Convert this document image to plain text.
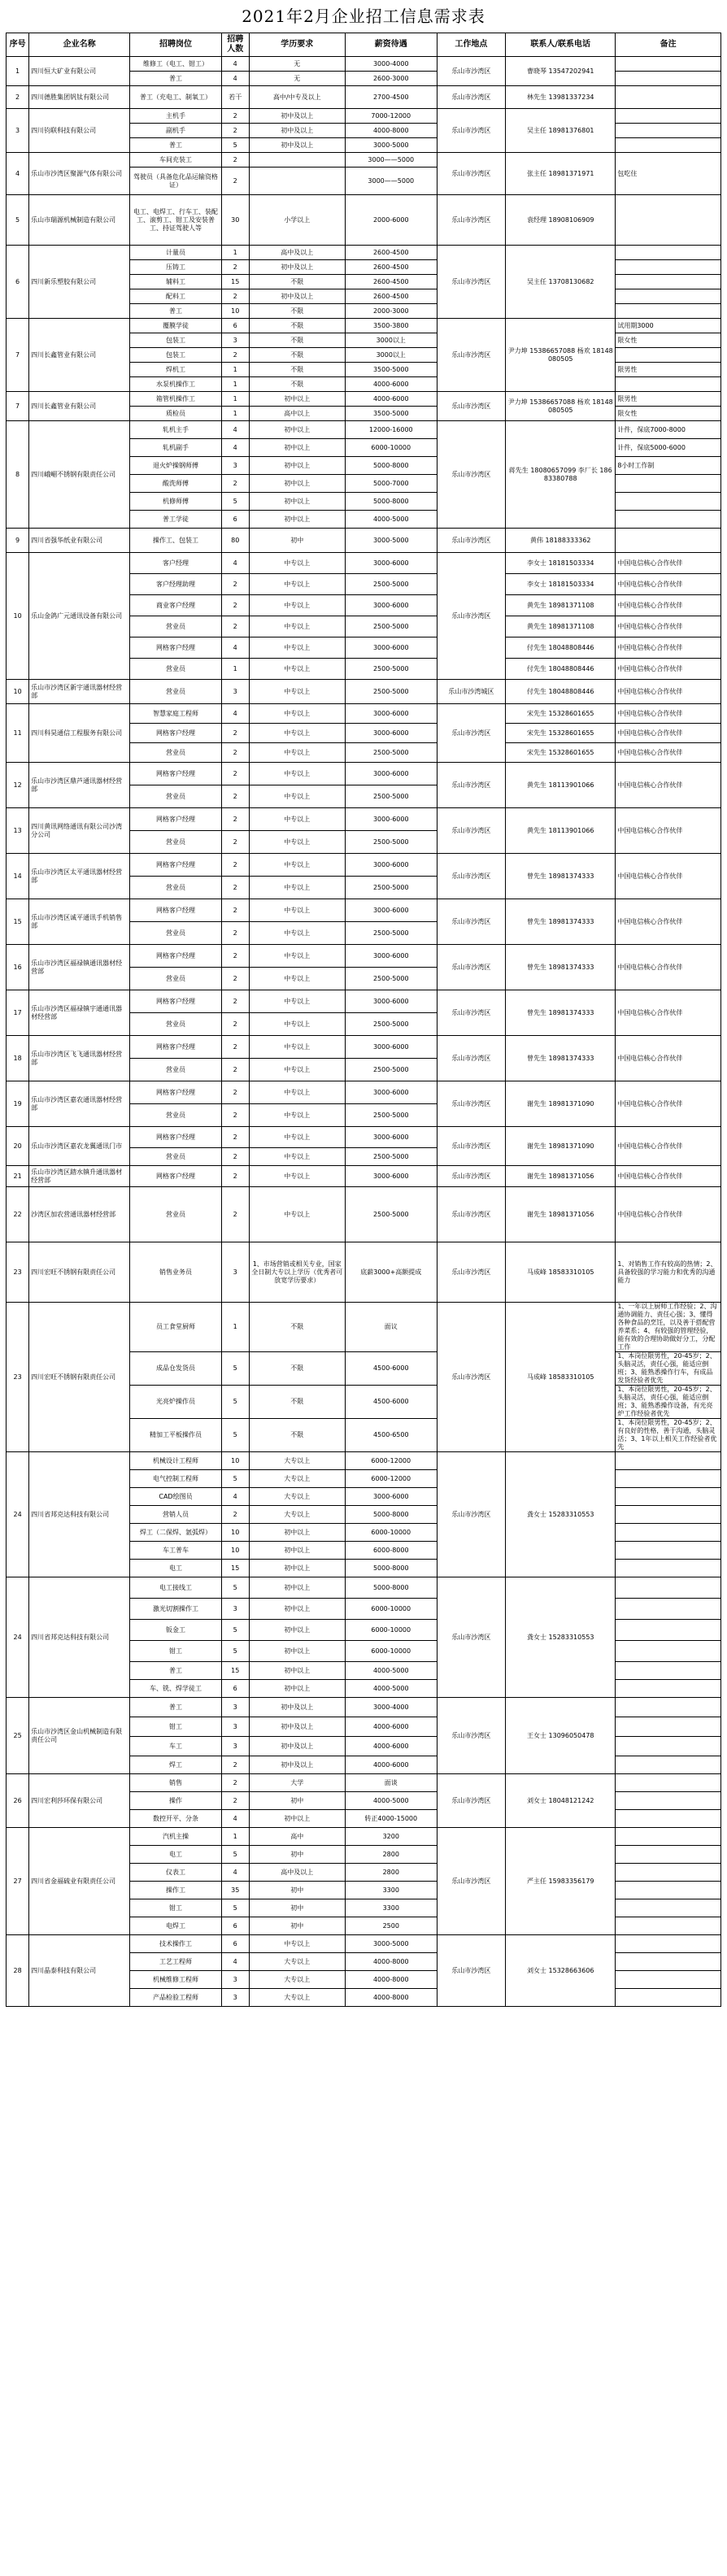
2021年2月企业招工信息需求表
序号	企业名称	招聘岗位	招聘人数	学历要求	薪资待遇	工作地点	联系人/联系电话	备注
1	四川恒大矿业有限公司	维修工（电工、钳工）	4	无	3000-4000	乐山市沙湾区	曹晓琴 13547202941	
		普工	4	无	2600-3000			
2	四川德胜集团钒钛有限公司	普工（充电工、制氧工）	若干	高中/中专及以上	2700-4500	乐山市沙湾区	林先生 13981337234	
3	四川钧联科技有限公司	主机手	2	初中及以上	7000-12000	乐山市沙湾区	吴主任 18981376801	
		副机手	2	初中及以上	4000-8000			
		普工	5	初中及以上	3000-5000			
4	乐山市沙湾区聚源气体有限公司	车间充装工	2		3000——5000	乐山市沙湾区	张主任 18981371971	包吃住
		驾驶员（具备危化品运输资格证）	2		3000——5000			
5	乐山市瑞源机械制造有限公司	电工、电焊工、行车工、装配工、滚剪工、钳工及安装普工、持证驾驶人等	30	小学以上	2000-6000	乐山市沙湾区	袁经理 18908106909	
6	四川新乐塑胶有限公司	计量员	1	高中及以上	2600-4500	乐山市沙湾区	吴主任 13708130682	
		压铸工	2	初中及以上	2600-4500			
		辅料工	15	不限	2600-4500			
		配料工	2	初中及以上	2600-4500			
		普工	10	不限	2000-3000			
7	四川长鑫管业有限公司	覆膜学徒	6	不限	3500-3800	乐山市沙湾区	尹力坤 15386657088 杨欢 18148080505	试用期3000
		包装工	3	不限	3000以上			限女性
		包装工	2	不限	3000以上			
		焊机工	1	不限	3500-5000			限男性
		水泵机操作工	1	不限	4000-6000			
7	四川长鑫管业有限公司	箱管机操作工	1	初中以上	4000-6000	乐山市沙湾区	尹力坤 15386657088 杨欢 18148080505	限男性
		质检员	1	高中以上	3500-5000			限女性
8	四川峨嵋不锈钢有限责任公司	轧机主手	4	初中以上	12000-16000	乐山市沙湾区	蒋先生 18080657099 李厂长 18683380788	计件，保底7000-8000
		轧机副手	4	初中以上	6000-10000			计件，保底5000-6000
		退火炉操钢师傅	3	初中以上	5000-8000			8小时工作制
		酸洗师傅	2	初中以上	5000-7000			
		机修师傅	5	初中以上	5000-8000			
		普工学徒	6	初中以上	4000-5000			
9	四川省强华纸业有限公司	操作工、包装工	80	初中	3000-5000	乐山市沙湾区	黄伟 18188333362	
10	乐山金鸽广元通讯设备有限公司	客户经理	4	中专以上	3000-6000	乐山市沙湾区	李女士 18181503334	中国电信核心合作伙伴
		客户经理助理	2	中专以上	2500-5000		李女士 18181503334	中国电信核心合作伙伴
		商业客户经理	2	中专以上	3000-6000		黄先生 18981371108	中国电信核心合作伙伴
		营业员	2	中专以上	2500-5000		黄先生 18981371108	中国电信核心合作伙伴
		网格客户经理	4	中专以上	3000-6000		付先生 18048808446	中国电信核心合作伙伴
		营业员	1	中专以上	2500-5000		付先生 18048808446	中国电信核心合作伙伴
10	乐山市沙湾区新宇通讯器材经营部	营业员	3	中专以上	2500-5000	乐山市沙湾城区	付先生 18048808446	中国电信核心合作伙伴
11	四川科昊通信工程服务有限公司	智慧家庭工程师	4	中专以上	3000-6000	乐山市沙湾区	宋先生 15328601655	中国电信核心合作伙伴
		网格客户经理	2	中专以上	3000-6000		宋先生 15328601655	中国电信核心合作伙伴
		营业员	2	中专以上	2500-5000		宋先生 15328601655	中国电信核心合作伙伴
12	乐山市沙湾区鼎芦通讯器材经营部	网格客户经理	2	中专以上	3000-6000	乐山市沙湾区	黄先生 18113901066	中国电信核心合作伙伴
		营业员	2	中专以上	2500-5000			
13	四川黄讯网络通讯有限公司沙湾分公司	网格客户经理	2	中专以上	3000-6000	乐山市沙湾区	黄先生 18113901066	中国电信核心合作伙伴
		营业员	2	中专以上	2500-5000			
14	乐山市沙湾区太平通讯器材经营部	网格客户经理	2	中专以上	3000-6000	乐山市沙湾区	曾先生 18981374333	中国电信核心合作伙伴
		营业员	2	中专以上	2500-5000			
15	乐山市沙湾区诚平通讯手机销售部	网格客户经理	2	中专以上	3000-6000	乐山市沙湾区	曾先生 18981374333	中国电信核心合作伙伴
		营业员	2	中专以上	2500-5000			
16	乐山市沙湾区福禄镇通讯器材经营部	网格客户经理	2	中专以上	3000-6000	乐山市沙湾区	曾先生 18981374333	中国电信核心合作伙伴
		营业员	2	中专以上	2500-5000			
17	乐山市沙湾区福禄镇宇通通讯器材经营部	网格客户经理	2	中专以上	3000-6000	乐山市沙湾区	曾先生 18981374333	中国电信核心合作伙伴
		营业员	2	中专以上	2500-5000			
18	乐山市沙湾区飞飞通讯器材经营部	网格客户经理	2	中专以上	3000-6000	乐山市沙湾区	曾先生 18981374333	中国电信核心合作伙伴
		营业员	2	中专以上	2500-5000			
19	乐山市沙湾区嘉农通讯器材经营部	网格客户经理	2	中专以上	3000-6000	乐山市沙湾区	谢先生 18981371090	中国电信核心合作伙伴
		营业员	2	中专以上	2500-5000			
20	乐山市沙湾区嘉农龙翼通讯门市	网格客户经理	2	中专以上	3000-6000	乐山市沙湾区	谢先生 18981371090	中国电信核心合作伙伴
		营业员	2	中专以上	2500-5000			
21	乐山市沙湾区踏水镇升通讯器材经营部	网格客户经理	2	中专以上	3000-6000	乐山市沙湾区	谢先生 18981371056	中国电信核心合作伙伴
22	沙湾区加农营通讯器材经营部	营业员	2	中专以上	2500-5000	乐山市沙湾区	谢先生 18981371056	中国电信核心合作伙伴
23	四川宏旺不锈钢有限责任公司	销售业务员	3	1、市场营销或相关专业，国家全日制大专以上学历（优秀者可放宽学历要求）	底薪3000+高额提成	乐山市沙湾区	马成峰 18583310105	1、对销售工作有较高的热情；2、具备较强的学习能力和优秀的沟通能力
23	四川宏旺不锈钢有限责任公司	员工食堂厨师	1	不限	面议	乐山市沙湾区	马成峰 18583310105	1、一年以上厨师工作经验；2、沟通协调能力、责任心强；3、懂得各种食品的烹饪，以及善于搭配营养菜系；4、有较强的管理经验，能有效的合理协助做好分工，分配工作
		成品仓发货员	5	不限	4500-6000			1、本岗位限男性，20-45岁；2、头脑灵活，责任心强，能适应倒班；3、能熟悉操作行车，有成品发货经验者优先
		光亮炉操作员	5	不限	4500-6000			1、本岗位限男性，20-45岁；2、头脑灵活，责任心强，能适应倒班；3、能熟悉操作设备，有光亮炉工作经验者优先
		精加工平板操作员	5	不限	4500-6500			1、本岗位限男性，20-45岁；2、有良好的性格，善于沟通，头脑灵活；3、1年以上相关工作经验者优先
24	四川省邦克达科技有限公司	机械设计工程师	10	大专以上	6000-12000	乐山市沙湾区	龚女士 15283310553	
		电气控制工程师	5	大专以上	6000-12000			
		CAD绘图员	4	大专以上	3000-6000			
		营销人员	2	大专以上	5000-8000			
		焊工（二保焊、氩弧焊）	10	初中以上	6000-10000			
		车工普车	10	初中以上	6000-8000			
		电工	15	初中以上	5000-8000			
24	四川省邦克达科技有限公司	电工接线工	5	初中以上	5000-8000	乐山市沙湾区	龚女士 15283310553	
		激光切割操作工	3	初中以上	6000-10000			
		钣金工	5	初中以上	6000-10000			
		钳工	5	初中以上	6000-10000			
		普工	15	初中以上	4000-5000			
		车、铣、焊学徒工	6	初中以上	4000-5000			
25	乐山市沙湾区金山机械制造有限责任公司	普工	3	初中及以上	3000-4000	乐山市沙湾区	王女士 13096050478	
		钳工	3	初中及以上	4000-6000			
		车工	3	初中及以上	4000-6000			
		焊工	2	初中及以上	4000-6000			
26	四川宏利莎环保有限公司	销售	2	大学	面谈	乐山市沙湾区	刘女士 18048121242	
		操作	2	初中	4000-5000			
		数控开平、分条	4	初中以上	转正4000-15000			
27	四川省金福硫业有限责任公司	汽机主操	1	高中	3200	乐山市沙湾区	严主任 15983356179	
		电工	5	初中	2800			
		仪表工	4	高中及以上	2800			
		操作工	35	初中	3300			
		钳工	5	初中	3300			
		电焊工	6	初中	2500			
28	四川晶泰科技有限公司	技术操作工	6	中专以上	3000-5000	乐山市沙湾区	刘女士 15328663606	
		工艺工程师	4	大专以上	4000-8000			
		机械维修工程师	3	大专以上	4000-8000			
		产品检验工程师	3	大专以上	4000-8000			
